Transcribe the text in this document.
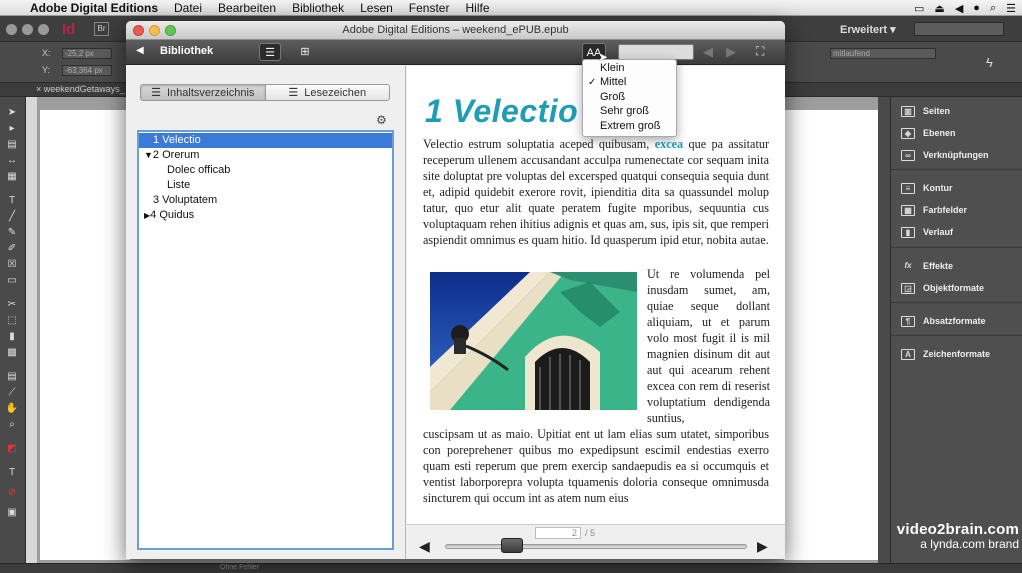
Adobe Digital Editions	Datei	Bearbeiten	Bibliothek	Lesen	Fenster	Hilfe	▭ ⏏ ◀ ● ⌕ ☰
Id	Br	Erweitert ▾
X:	-25,2 px
Y:	-63,364 px
mitlaufend
ϟ
× weekendGetaways_
➤
▸
▤
↔
▦
T
╱
✎
✐
☒
▭
✂
⬚
▮
▩
▤
⟋
✋
⌕
◩
T
⊘
▣
▥	Seiten
◈	Ebenen
∞	Verknüpfungen
≡	Kontur
▦	Farbfelder
▮	Verlauf
fx	Effekte
◲	Objektformate
¶	Absatzformate
A	Zeichenformate
Ohne Fehler
video2brain.com
a lynda.com brand
Adobe Digital Editions – weekend_ePUB.epub
◀ Bibliothek	☰	⊞	AA	◀ ▶ ⛶
☰ Inhaltsverzeichnis	☰ Lesezeichen
⚙
1 Velectio
▼2 Orerum
Dolec officab
Liste
3 Voluptatem
▶4 Quidus
1 Velectio
Velectio estrum soluptatia aceped quibusam, excea que pa assitatur receperum ullenem accusandant acculpa rumenectate cor sequam inita site doluptat pre voluptas del excersped quatqui consequia sequia dunt et, adipid quidebit exerore rovit, ipienditia dita sa quassundel molup tatur, quo etur alit quate peratem fugite mporibus, sequuntia cus voluptaquam rehen ihitius adignis et quas am, sus, ipis sit, que remperi aspiendit omnimus es quam hitio. Id quasperum ipid etur, nobita autae.
Ut re volumenda pel inusdam sumet, am, quiae seque dollant aliquiam, ut et parum volo most fugit il is mil magnien disinum dit aut aut qui acearum rehent excea con rem di reserist voluptatium dendigenda suntius,
cuscipsam ut as maio. Upitiat ent ut lam elias sum utatet, simporibus con porepreheneт quibus mo expedipsunt escimil endestias exerro quam esti reperum que prem exercip sandaepudis ea si occumquis et ventist laborporepra volupta tquamenis doloria conseque omnimusda sincturem qui occum int as atem num eius
2 / 5
◀	▶
✓
Klein
Mittel
Groß
Sehr groß
Extrem groß
➤
